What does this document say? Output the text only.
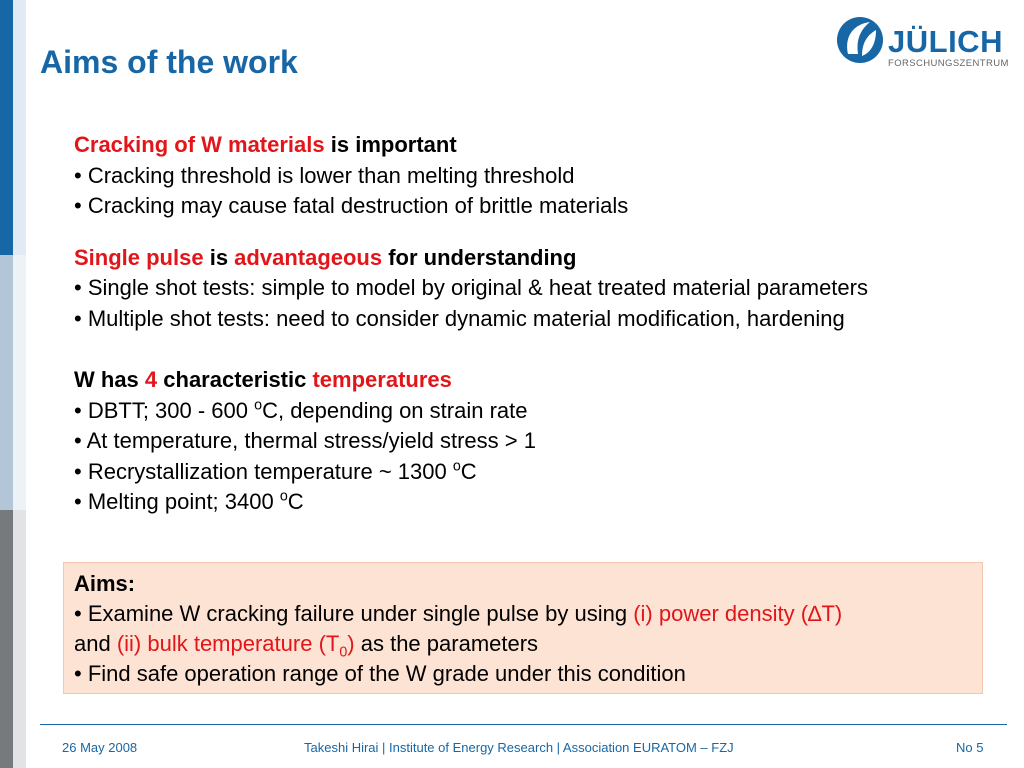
Aims of the work
JÜLICH
FORSCHUNGSZENTRUM
Cracking of W materials is important
• Cracking threshold is lower than melting threshold
• Cracking may cause fatal destruction of brittle materials
Single pulse is advantageous for understanding
• Single shot tests: simple to model by original & heat treated material parameters
• Multiple shot tests: need to consider dynamic material modification, hardening
W has 4 characteristic temperatures
• DBTT; 300 - 600 $^o$C, depending on strain rate
• At temperature, thermal stress/yield stress > 1
• Recrystallization temperature ~ 1300 $^o$C
• Melting point; 3400 $^o$C
Aims:
• Examine W cracking failure under single pulse by using (i) power density (∆T)
and (ii) bulk temperature $(T_0)$ as the parameters
• Find safe operation range of the W grade under this condition
26 May 2008	Takeshi Hirai | Institute of Energy Research | Association EURATOM – FZJ	No 5
